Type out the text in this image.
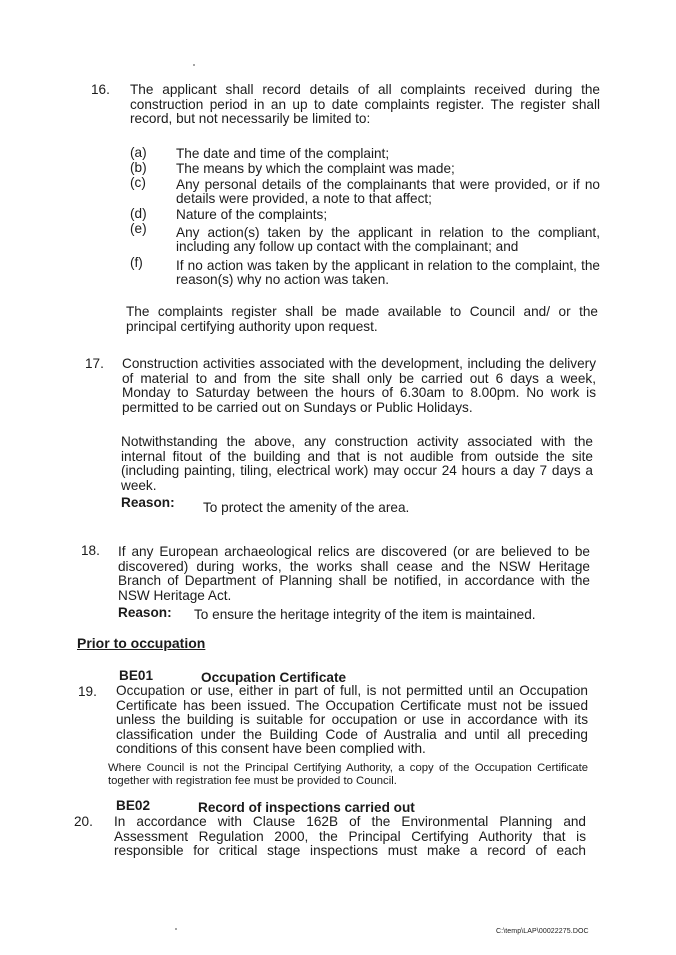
16. The applicant shall record details of all complaints received during the construction period in an up to date complaints register. The register shall record, but not necessarily be limited to:
(a) The date and time of the complaint;
(b) The means by which the complaint was made;
(c) Any personal details of the complainants that were provided, or if no details were provided, a note to that affect;
(d) Nature of the complaints;
(e) Any action(s) taken by the applicant in relation to the compliant, including any follow up contact with the complainant; and
(f) If no action was taken by the applicant in relation to the complaint, the reason(s) why no action was taken.
The complaints register shall be made available to Council and/ or the principal certifying authority upon request.
17. Construction activities associated with the development, including the delivery of material to and from the site shall only be carried out 6 days a week, Monday to Saturday between the hours of 6.30am to 8.00pm. No work is permitted to be carried out on Sundays or Public Holidays.
Notwithstanding the above, any construction activity associated with the internal fitout of the building and that is not audible from outside the site (including painting, tiling, electrical work) may occur 24 hours a day 7 days a week.
Reason: To protect the amenity of the area.
18. If any European archaeological relics are discovered (or are believed to be discovered) during works, the works shall cease and the NSW Heritage Branch of Department of Planning shall be notified, in accordance with the NSW Heritage Act.
Reason: To ensure the heritage integrity of the item is maintained.
Prior to occupation
BE01	Occupation Certificate
19. Occupation or use, either in part of full, is not permitted until an Occupation Certificate has been issued. The Occupation Certificate must not be issued unless the building is suitable for occupation or use in accordance with its classification under the Building Code of Australia and until all preceding conditions of this consent have been complied with.
Where Council is not the Principal Certifying Authority, a copy of the Occupation Certificate together with registration fee must be provided to Council.
BE02	Record of inspections carried out
20. In accordance with Clause 162B of the Environmental Planning and Assessment Regulation 2000, the Principal Certifying Authority that is responsible for critical stage inspections must make a record of each
C:\temp\LAP\00022275.DOC
